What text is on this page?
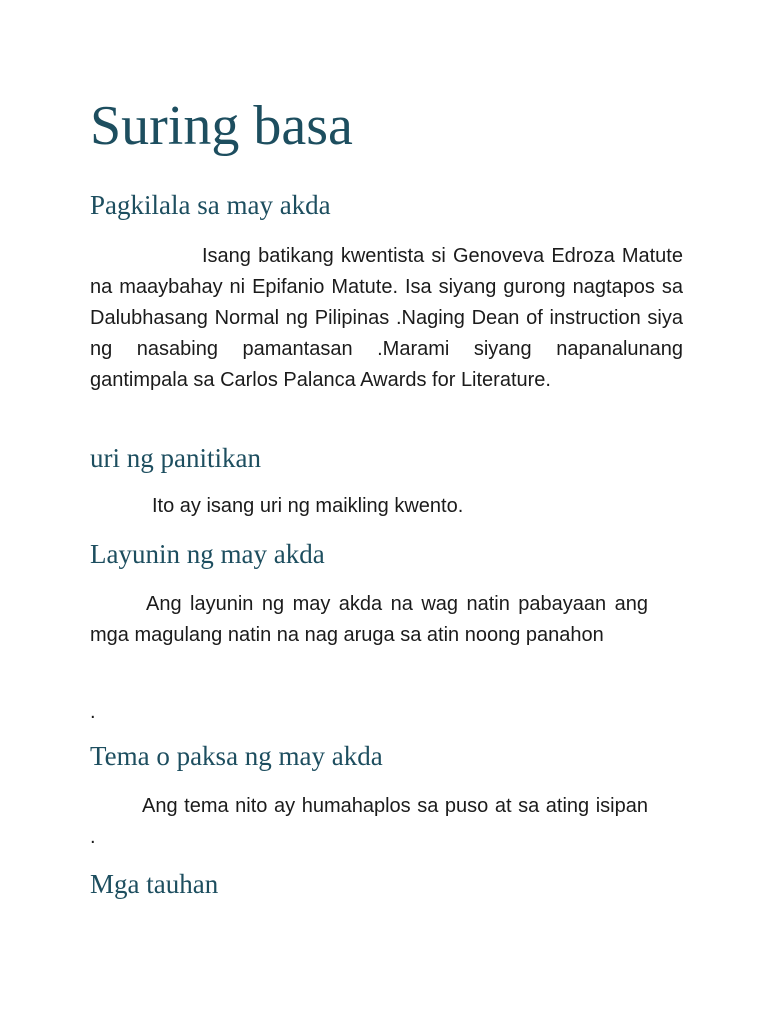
Suring basa
Pagkilala sa may akda

Isang batikang kwentista si Genoveva Edroza Matute na maaybahay ni Epifanio Matute. Isa siyang gurong nagtapos sa Dalubhasang Normal ng Pilipinas .Naging Dean of instruction siya ng nasabing pamantasan .Marami siyang napanalunang gantimpala sa Carlos Palanca Awards for Literature.

uri ng panitikan

Ito ay isang uri ng maikling kwento.

Layunin ng may akda

Ang layunin ng may akda na wag natin pabayaan ang mga magulang natin na nag aruga sa atin noong panahon

.

Tema o paksa ng may akda

Ang tema nito ay humahaplos sa puso at sa ating isipan .

Mga tauhan
